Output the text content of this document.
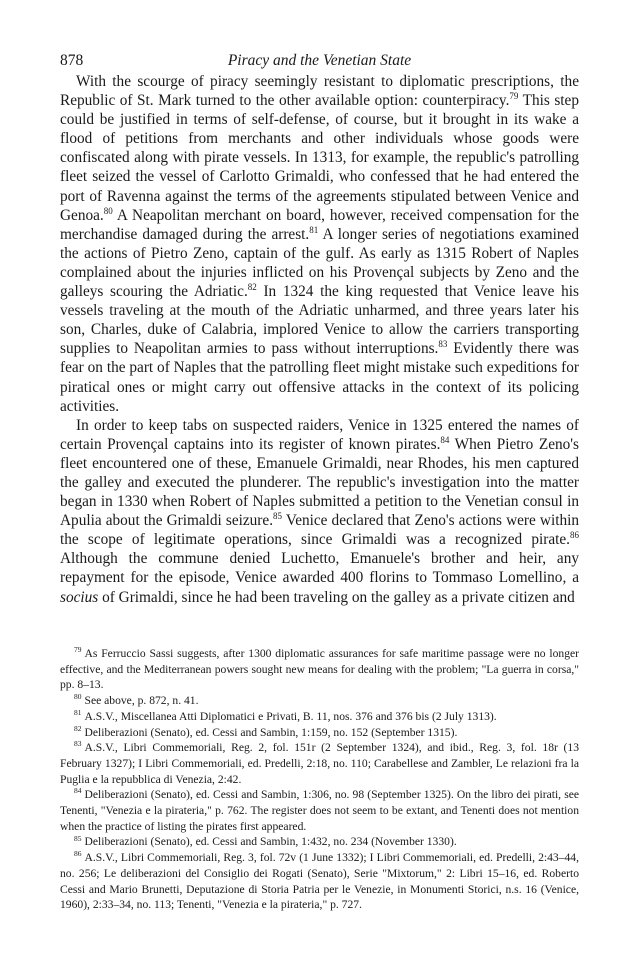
878	Piracy and the Venetian State

With the scourge of piracy seemingly resistant to diplomatic prescriptions, the Republic of St. Mark turned to the other available option: counterpiracy.$^{79}$ This step could be justified in terms of self-defense, of course, but it brought in its wake a flood of petitions from merchants and other individuals whose goods were confiscated along with pirate vessels. In 1313, for example, the republic's patrolling fleet seized the vessel of Carlotto Grimaldi, who confessed that he had entered the port of Ravenna against the terms of the agreements stipulated between Venice and Genoa.$^{80}$ A Neapolitan merchant on board, however, received compensation for the merchandise damaged during the arrest.$^{81}$ A longer series of negotiations examined the actions of Pietro Zeno, captain of the gulf. As early as 1315 Robert of Naples complained about the injuries inflicted on his Provençal subjects by Zeno and the galleys scouring the Adriatic.$^{82}$ In 1324 the king requested that Venice leave his vessels traveling at the mouth of the Adriatic unharmed, and three years later his son, Charles, duke of Calabria, implored Venice to allow the carriers transporting supplies to Neapolitan armies to pass without interruptions.$^{83}$ Evidently there was fear on the part of Naples that the patrolling fleet might mistake such expeditions for piratical ones or might carry out offensive attacks in the context of its policing activities.

In order to keep tabs on suspected raiders, Venice in 1325 entered the names of certain Provençal captains into its register of known pirates.$^{84}$ When Pietro Zeno's fleet encountered one of these, Emanuele Grimaldi, near Rhodes, his men captured the galley and executed the plunderer. The republic's investigation into the matter began in 1330 when Robert of Naples submitted a petition to the Venetian consul in Apulia about the Grimaldi seizure.$^{85}$ Venice declared that Zeno's actions were within the scope of legitimate operations, since Grimaldi was a recognized pirate.$^{86}$ Although the commune denied Luchetto, Emanuele's brother and heir, any repayment for the episode, Venice awarded 400 florins to Tommaso Lomellino, a socius of Grimaldi, since he had been traveling on the galley as a private citizen and

$^{79}$ As Ferruccio Sassi suggests, after 1300 diplomatic assurances for safe maritime passage were no longer effective, and the Mediterranean powers sought new means for dealing with the problem; "La guerra in corsa," pp. 8–13.

$^{80}$ See above, p. 872, n. 41.

$^{81}$ A.S.V., Miscellanea Atti Diplomatici e Privati, B. 11, nos. 376 and 376 bis (2 July 1313).

$^{82}$ Deliberazioni (Senato), ed. Cessi and Sambin, 1:159, no. 152 (September 1315).

$^{83}$ A.S.V., Libri Commemoriali, Reg. 2, fol. 151r (2 September 1324), and ibid., Reg. 3, fol. 18r (13 February 1327); I Libri Commemoriali, ed. Predelli, 2:18, no. 110; Carabellese and Zambler, Le relazioni fra la Puglia e la repubblica di Venezia, 2:42.

$^{84}$ Deliberazioni (Senato), ed. Cessi and Sambin, 1:306, no. 98 (September 1325). On the libro dei pirati, see Tenenti, "Venezia e la pirateria," p. 762. The register does not seem to be extant, and Tenenti does not mention when the practice of listing the pirates first appeared.

$^{85}$ Deliberazioni (Senato), ed. Cessi and Sambin, 1:432, no. 234 (November 1330).

$^{86}$ A.S.V., Libri Commemoriali, Reg. 3, fol. 72v (1 June 1332); I Libri Commemoriali, ed. Predelli, 2:43–44, no. 256; Le deliberazioni del Consiglio dei Rogati (Senato), Serie "Mixtorum," 2: Libri 15–16, ed. Roberto Cessi and Mario Brunetti, Deputazione di Storia Patria per le Venezie, in Monumenti Storici, n.s. 16 (Venice, 1960), 2:33–34, no. 113; Tenenti, "Venezia e la pirateria," p. 727.
